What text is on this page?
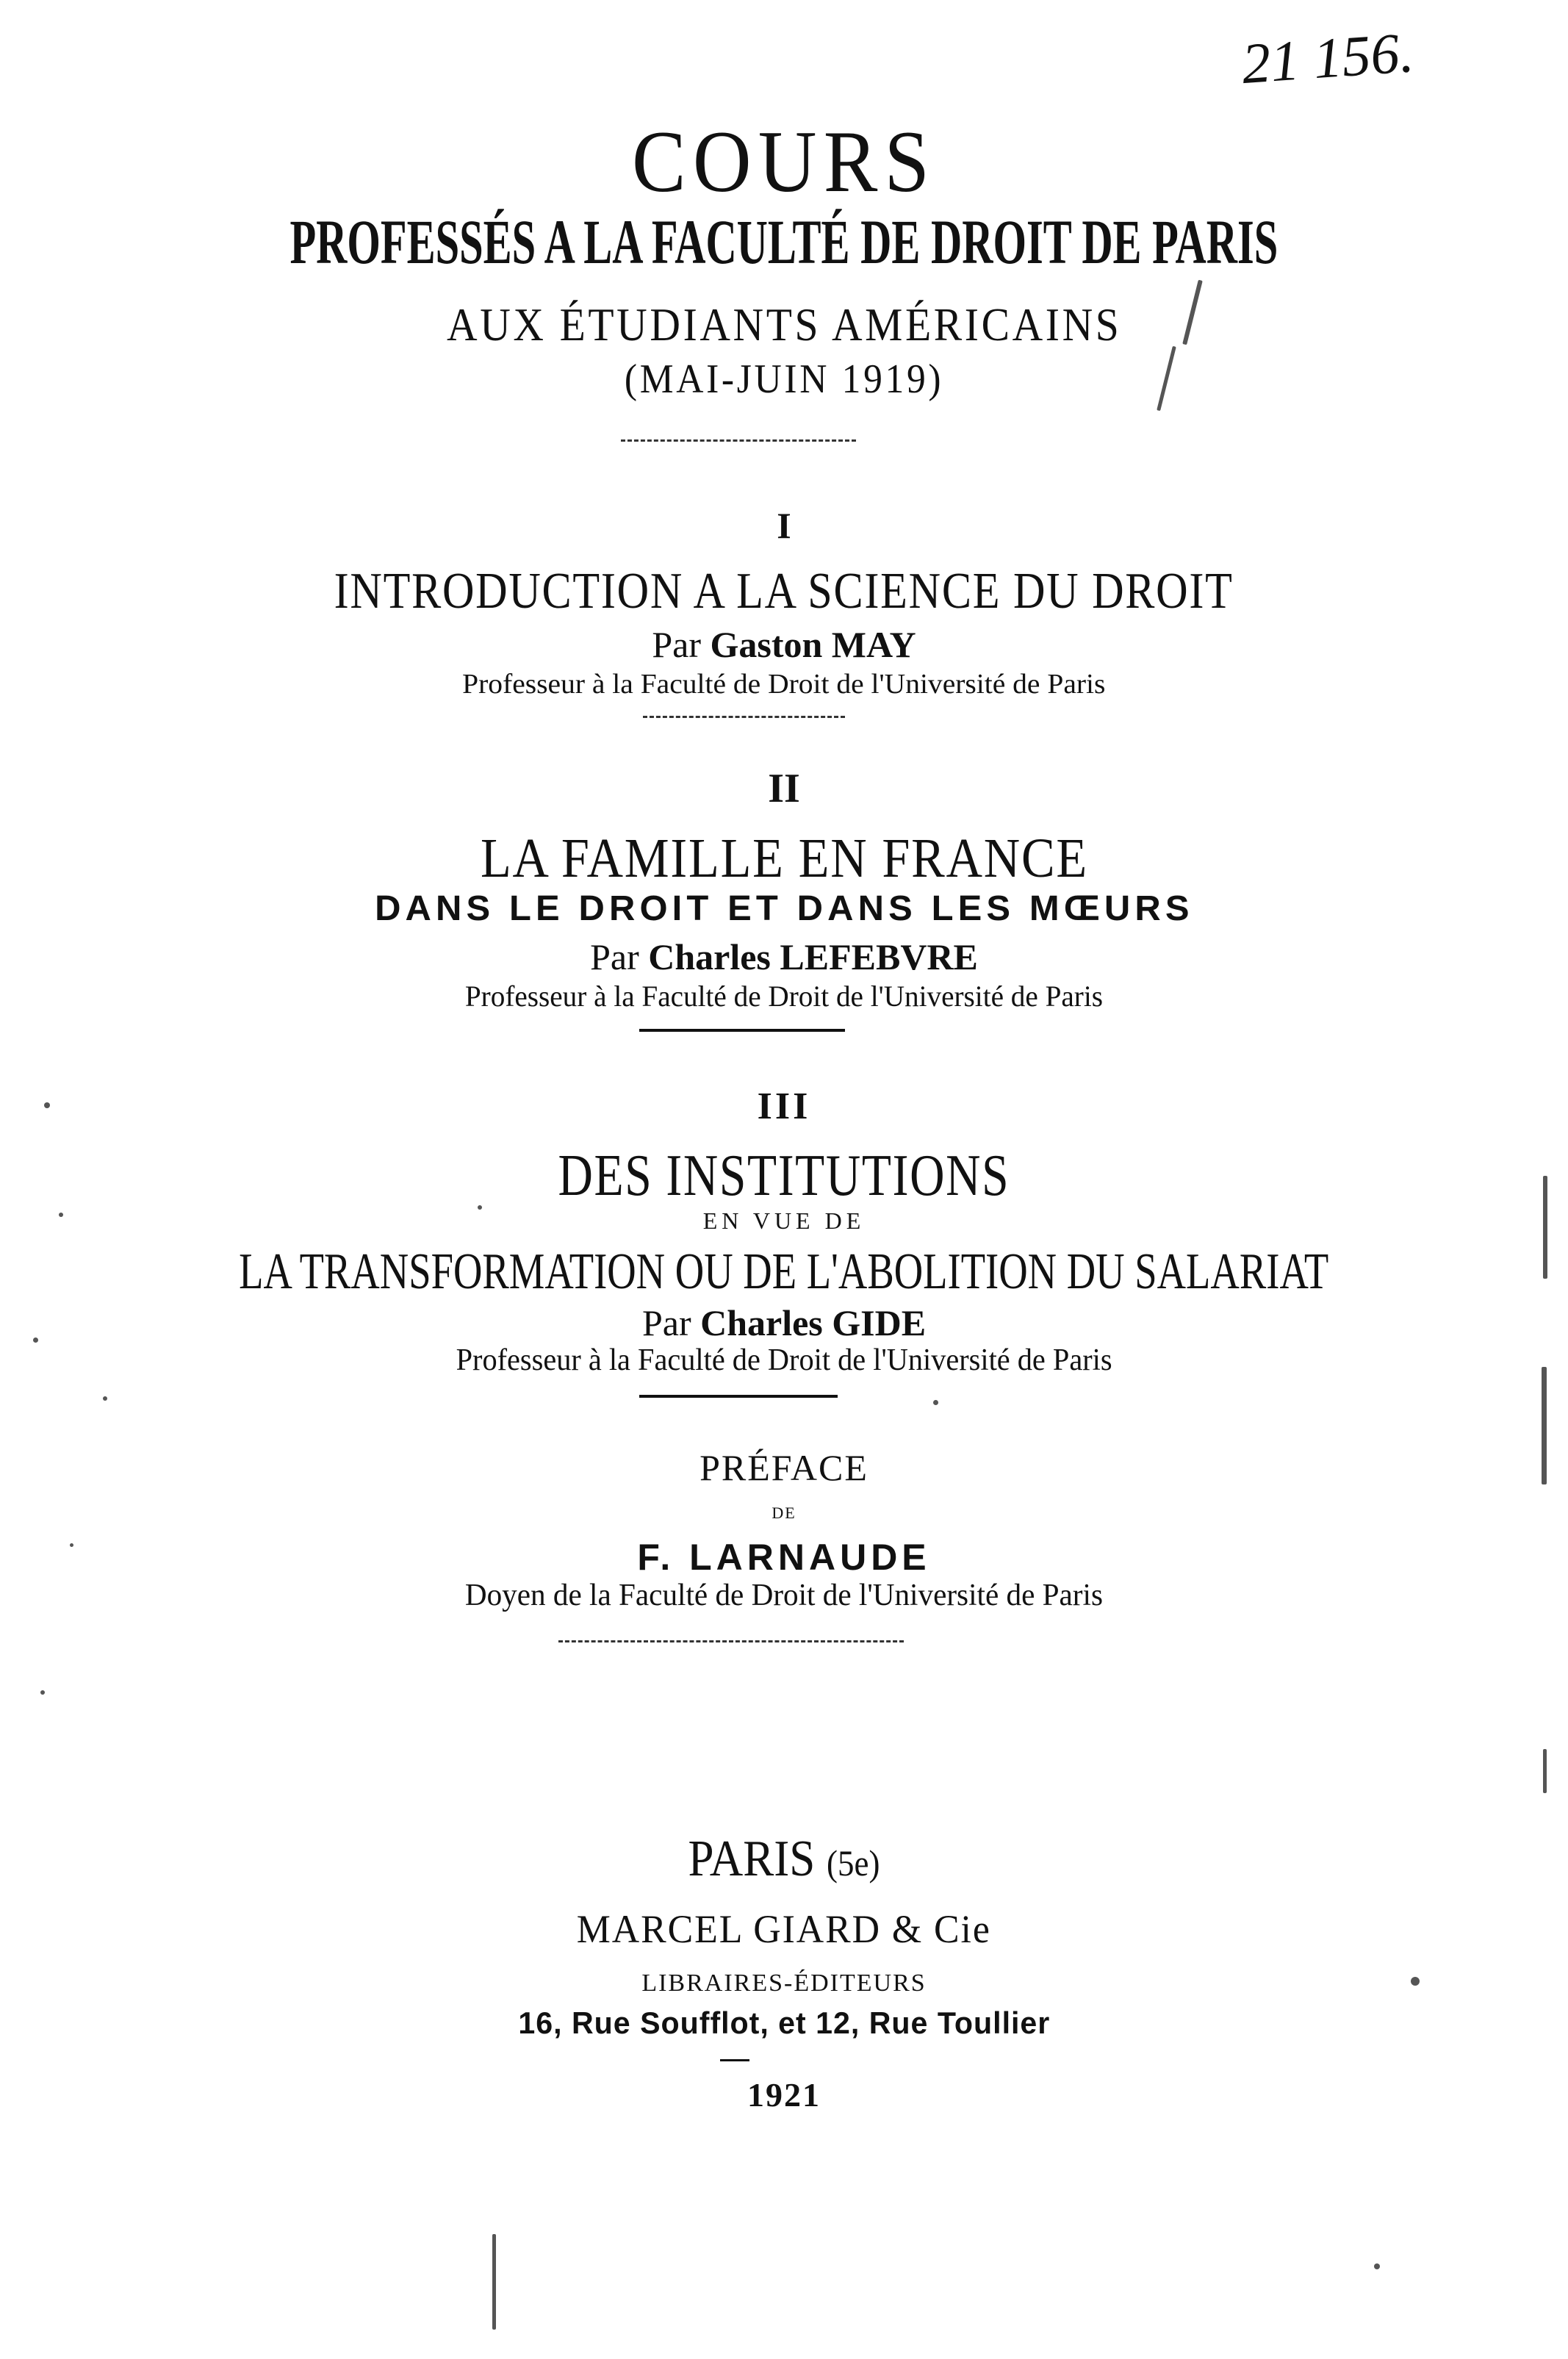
21 156.
COURS
PROFESSÉS A LA FACULTÉ DE DROIT DE PARIS
AUX ÉTUDIANTS AMÉRICAINS
(MAI-JUIN 1919)
I
INTRODUCTION A LA SCIENCE DU DROIT
Par Gaston MAY
Professeur à la Faculté de Droit de l'Université de Paris
II
LA FAMILLE EN FRANCE
DANS LE DROIT ET DANS LES MŒURS
Par Charles LEFEBVRE
Professeur à la Faculté de Droit de l'Université de Paris
III
DES INSTITUTIONS
EN VUE DE
LA TRANSFORMATION OU DE L'ABOLITION DU SALARIAT
Par Charles GIDE
Professeur à la Faculté de Droit de l'Université de Paris
PRÉFACE
DE
F. LARNAUDE
Doyen de la Faculté de Droit de l'Université de Paris
PARIS (5e)
MARCEL GIARD & Cie
LIBRAIRES-ÉDITEURS
16, Rue Soufflot, et 12, Rue Toullier
1921
